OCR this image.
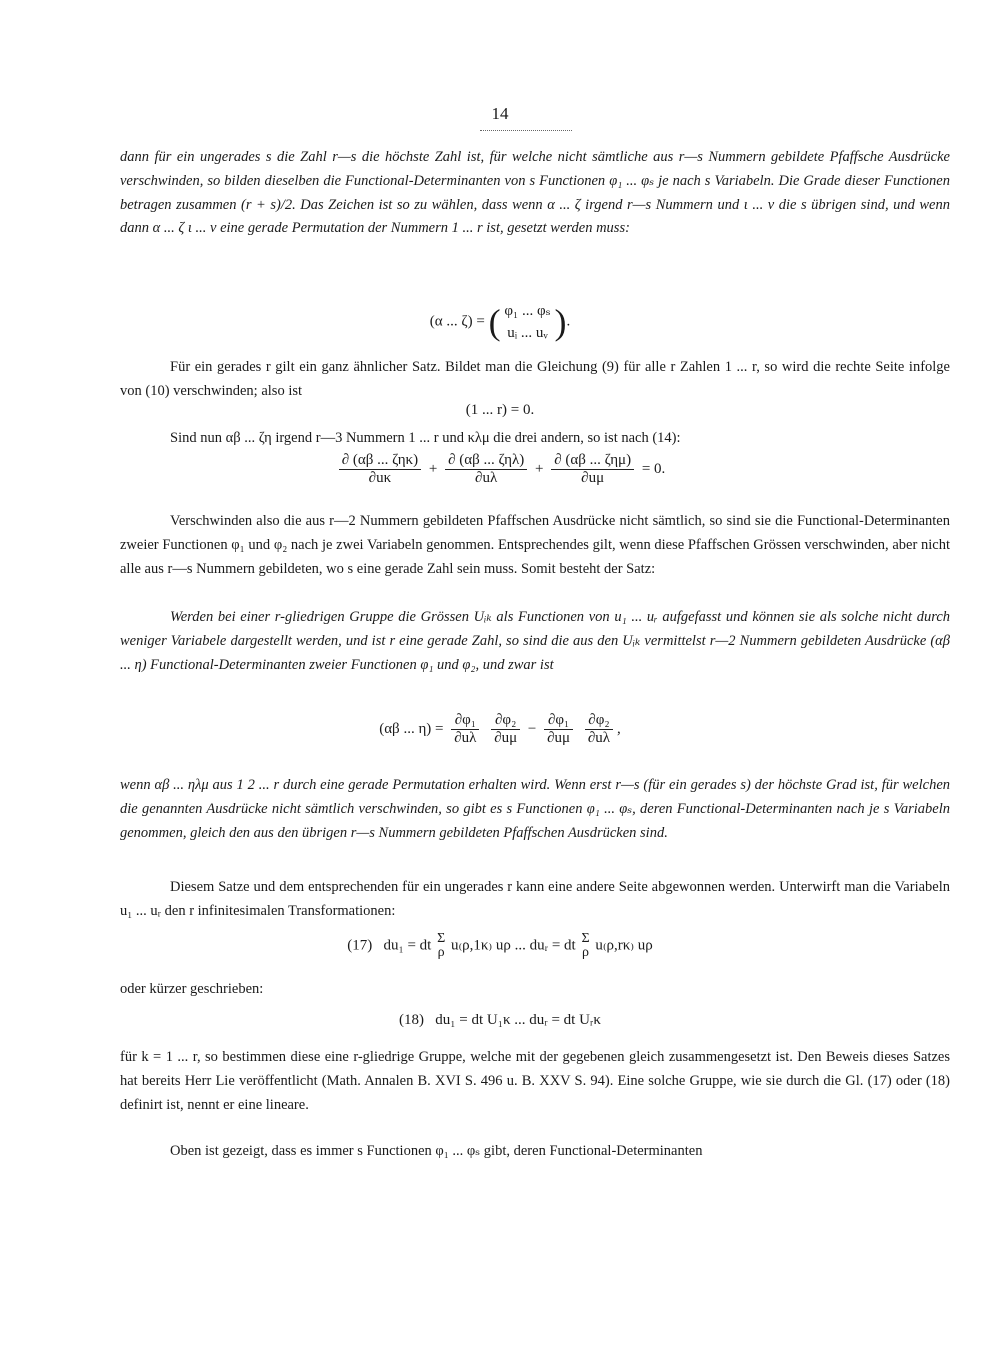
14
dann für ein ungerades s die Zahl r—s die höchste Zahl ist, für welche nicht sämtliche aus r—s Nummern gebildete Pfaffsche Ausdrücke verschwinden, so bilden dieselben die Functional-Determinanten von s Functionen φ₁ ... φₛ je nach s Variabeln. Die Grade dieser Functionen betragen zusammen (r + s)/2. Das Zeichen ist so zu wählen, dass wenn α ... ζ irgend r—s Nummern und ι ... ν die s übrigen sind, und wenn dann α ... ζ ι ... ν eine gerade Permutation der Nummern 1 ... r ist, gesetzt werden muss:
(α ... ζ) = ( φ₁ ... φₛ
uᵢ ... uᵥ ).
Für ein gerades r gilt ein ganz ähnlicher Satz. Bildet man die Gleichung (9) für alle r Zahlen 1 ... r, so wird die rechte Seite infolge von (10) verschwinden; also ist
(1 ... r) = 0.
Sind nun αβ ... ζη irgend r—3 Nummern 1 ... r und κλμ die drei andern, so ist nach (14):
$\frac{\text{∂ (αβ ... ζηκ)}}{\partial u\kappa} + \frac{\text{∂ (αβ ... ζηλ)}}{\partial u\lambda} + \frac{\text{∂ (αβ ... ζημ)}}{\partial u\mu} = 0$.
Verschwinden also die aus r—2 Nummern gebildeten Pfaffschen Ausdrücke nicht sämtlich, so sind sie die Functional-Determinanten zweier Functionen φ₁ und φ₂ nach je zwei Variabeln genommen. Entsprechendes gilt, wenn diese Pfaffschen Grössen verschwinden, aber nicht alle aus r—s Nummern gebildeten, wo s eine gerade Zahl sein muss. Somit besteht der Satz:
Werden bei einer r-gliedrigen Gruppe die Grössen Uᵢₖ als Functionen von u₁ ... uᵣ aufgefasst und können sie als solche nicht durch weniger Variabele dargestellt werden, und ist r eine gerade Zahl, so sind die aus den Uᵢₖ vermittelst r—2 Nummern gebildeten Ausdrücke (αβ ... η) Functional-Determinanten zweier Functionen φ₁ und φ₂, und zwar ist
(αβ ... $\eta) = \frac{\text{∂φ₁}}{\partial u\lambda}$
$\frac{\text{∂φ₂}}{\partial u\mu} - \frac{\text{∂φ₁}}{\partial u\mu}$
$\frac{\text{∂φ₂}}{\partial u\lambda}$ ,
wenn αβ ... ηλμ aus 1 2 ... r durch eine gerade Permutation erhalten wird. Wenn erst r—s (für ein gerades s) der höchste Grad ist, für welchen die genannten Ausdrücke nicht sämtlich verschwinden, so gibt es s Functionen φ₁ ... φₛ, deren Functional-Determinanten nach je s Variabeln genommen, gleich den aus den übrigen r—s Nummern gebildeten Pfaffschen Ausdrücken sind.
Diesem Satze und dem entsprechenden für ein ungerades r kann eine andere Seite abgewonnen werden. Unterwirft man die Variabeln u₁ ... uᵣ den r infinitesimalen Transformationen:
(17) du₁ = dt Σ
ρ u₍ρ,1κ₎ uρ ... duᵣ = dt Σ
ρ u₍ρ,rκ₎ uρ
oder kürzer geschrieben:
(18) du₁ = dt U₁κ ... duᵣ = dt Uᵣκ
für k = 1 ... r, so bestimmen diese eine r-gliedrige Gruppe, welche mit der gegebenen gleich zusammengesetzt ist. Den Beweis dieses Satzes hat bereits Herr Lie veröffentlicht (Math. Annalen B. XVI S. 496 u. B. XXV S. 94). Eine solche Gruppe, wie sie durch die Gl. (17) oder (18) definirt ist, nennt er eine lineare.
Oben ist gezeigt, dass es immer s Functionen φ₁ ... φₛ gibt, deren Functional-Determinanten
